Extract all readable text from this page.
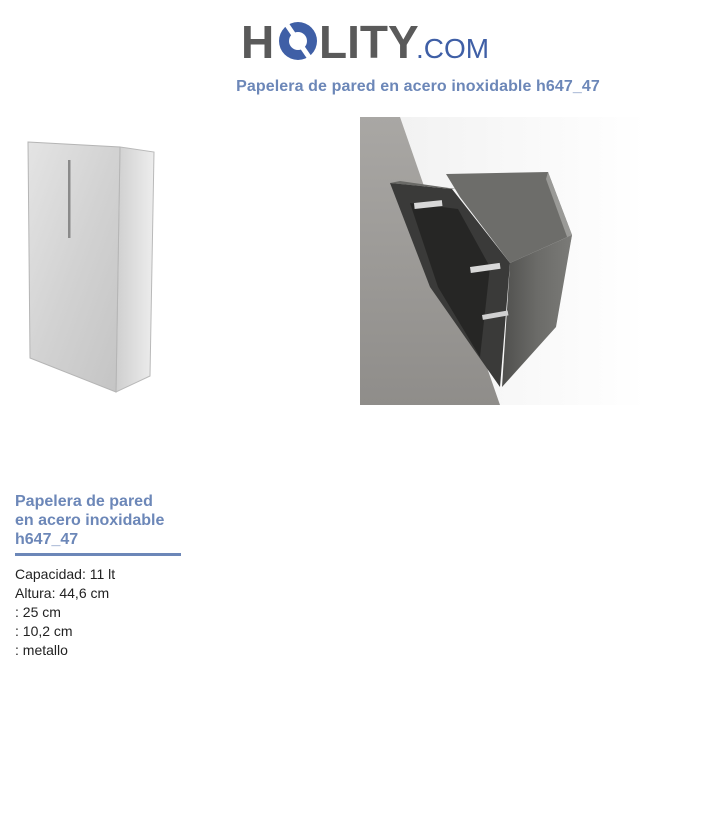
H LITY
.COM
Papelera de pared en acero inoxidable h647_47
Papelera de pared
en acero inoxidable
h647_47
Capacidad: 11 lt
Altura: 44,6 cm
: 25 cm
: 10,2 cm
: metallo
